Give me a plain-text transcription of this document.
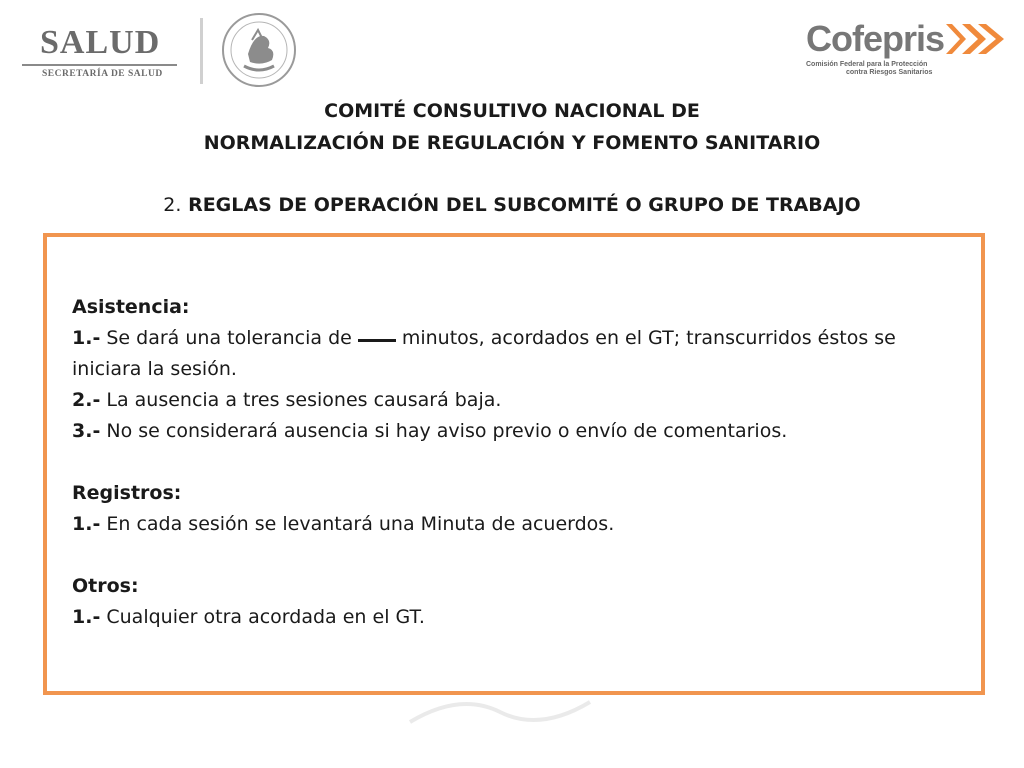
SALUD
SECRETARÍA DE SALUD
Cofepris
Comisión Federal para la Protección
contra Riesgos Sanitarios
COMITÉ CONSULTIVO NACIONAL DE
NORMALIZACIÓN DE REGULACIÓN Y FOMENTO SANITARIO
2. REGLAS DE OPERACIÓN DEL SUBCOMITÉ O GRUPO DE TRABAJO

Asistencia:

1.- Se dará una tolerancia de	minutos, acordados en el GT; transcurridos éstos se

iniciara la sesión.

2.- La ausencia a tres sesiones causará baja.

3.- No se considerará ausencia si hay aviso previo o envío de comentarios.

Registros:

1.- En cada sesión se levantará una Minuta de acuerdos.

Otros:

1.- Cualquier otra acordada en el GT.
